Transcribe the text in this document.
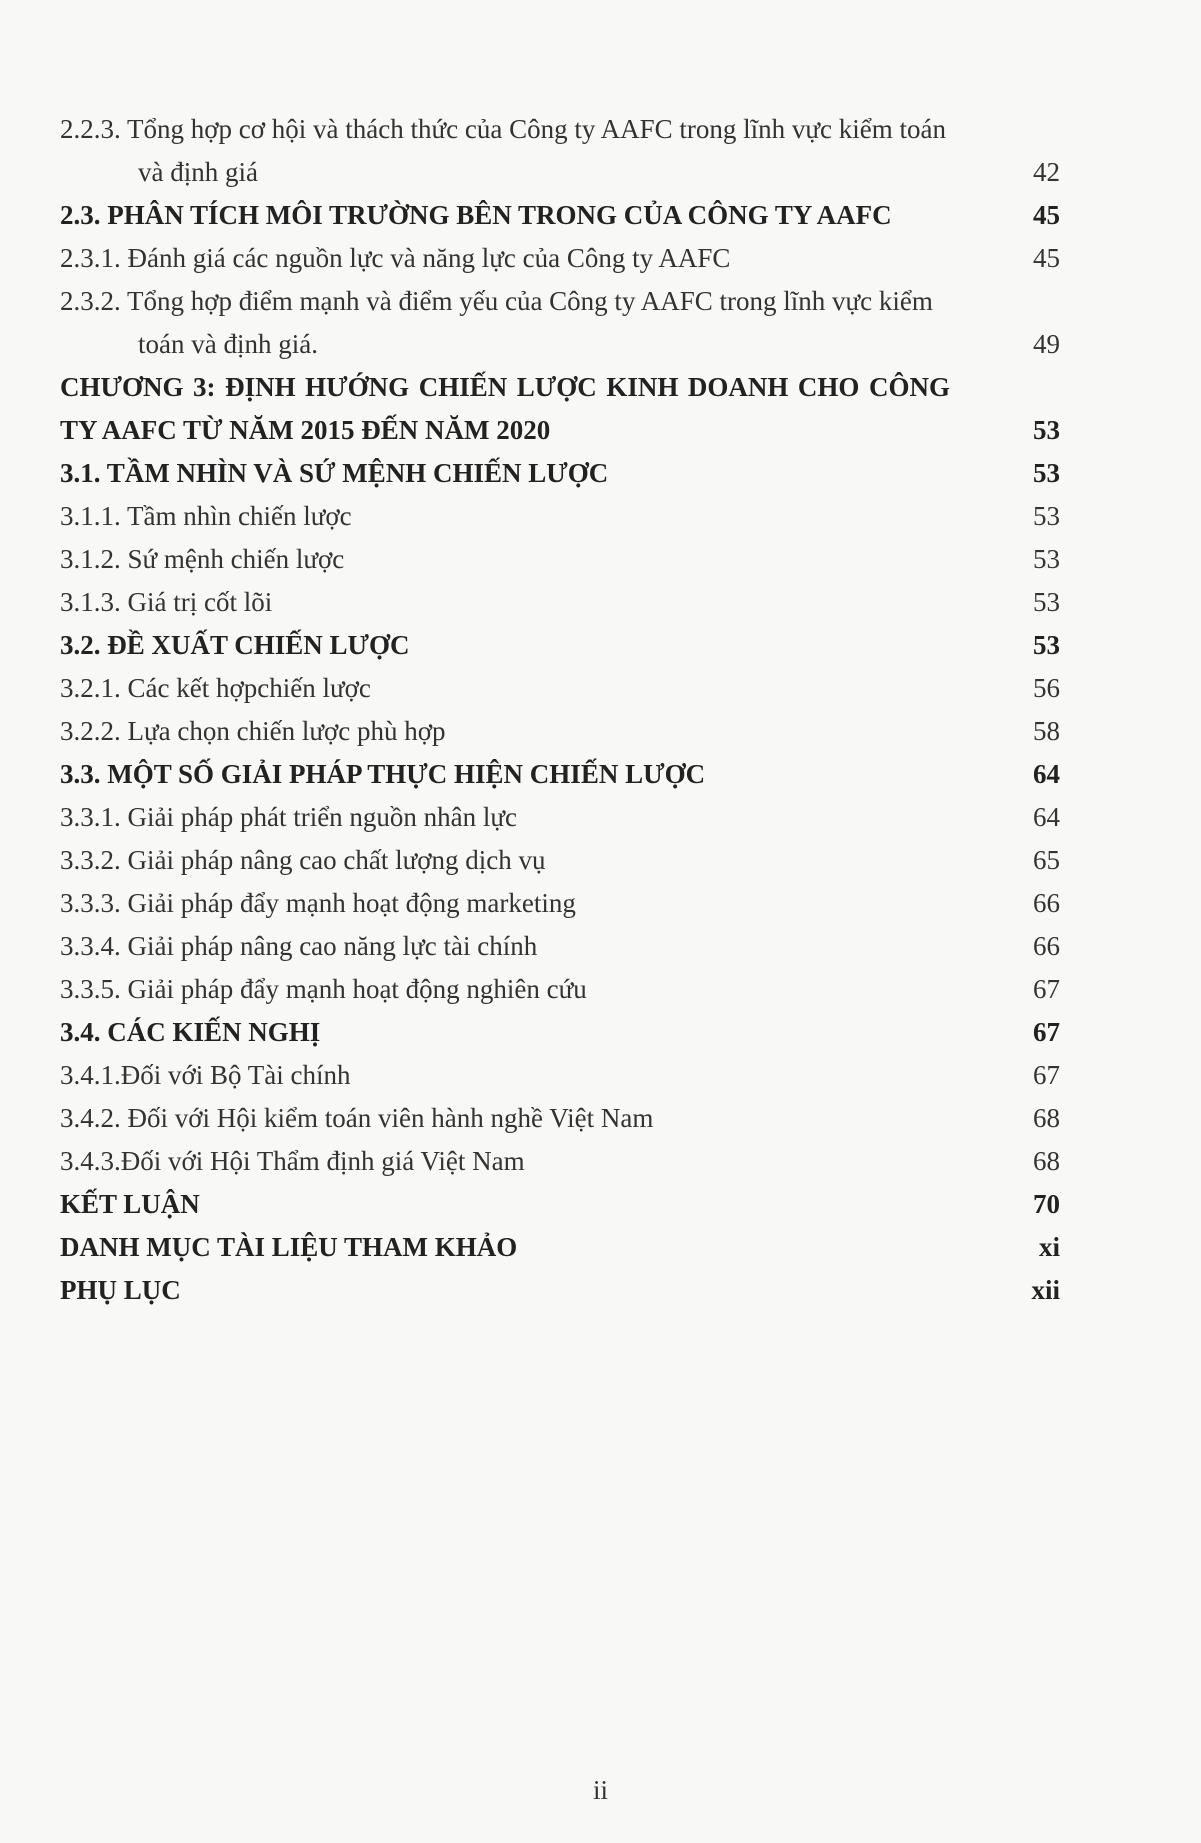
2.2.3. Tổng hợp cơ hội và thách thức của Công ty AAFC trong lĩnh vực kiểm toán và định giá	42
2.3. PHÂN TÍCH MÔI TRƯỜNG BÊN TRONG CỦA CÔNG TY AAFC	45
2.3.1. Đánh giá các nguồn lực và năng lực của Công ty AAFC	45
2.3.2. Tổng hợp điểm mạnh và điểm yếu của Công ty AAFC trong lĩnh vực kiểm toán và định giá.	49
CHƯƠNG 3: ĐỊNH HƯỚNG CHIẾN LƯỢC KINH DOANH CHO CÔNG TY AAFC TỪ NĂM 2015 ĐẾN NĂM 2020	53
3.1. TẦM NHÌN VÀ SỨ MỆNH CHIẾN LƯỢC	53
3.1.1. Tầm nhìn chiến lược	53
3.1.2. Sứ mệnh chiến lược	53
3.1.3. Giá trị cốt lõi	53
3.2. ĐỀ XUẤT CHIẾN LƯỢC	53
3.2.1. Các kết hợpchiến lược	56
3.2.2. Lựa chọn chiến lược phù hợp	58
3.3. MỘT SỐ GIẢI PHÁP THỰC HIỆN CHIẾN LƯỢC	64
3.3.1. Giải pháp phát triển nguồn nhân lực	64
3.3.2. Giải pháp nâng cao chất lượng dịch vụ	65
3.3.3. Giải pháp đẩy mạnh hoạt động marketing	66
3.3.4. Giải pháp nâng cao năng lực tài chính	66
3.3.5. Giải pháp đẩy mạnh hoạt động nghiên cứu	67
3.4. CÁC KIẾN NGHỊ	67
3.4.1.Đối với Bộ Tài chính	67
3.4.2. Đối với Hội kiểm toán viên hành nghề Việt Nam	68
3.4.3.Đối với Hội Thẩm định giá Việt Nam	68
KẾT LUẬN	70
DANH MỤC TÀI LIỆU THAM KHẢO	xi
PHỤ LỤC	xii
ii
